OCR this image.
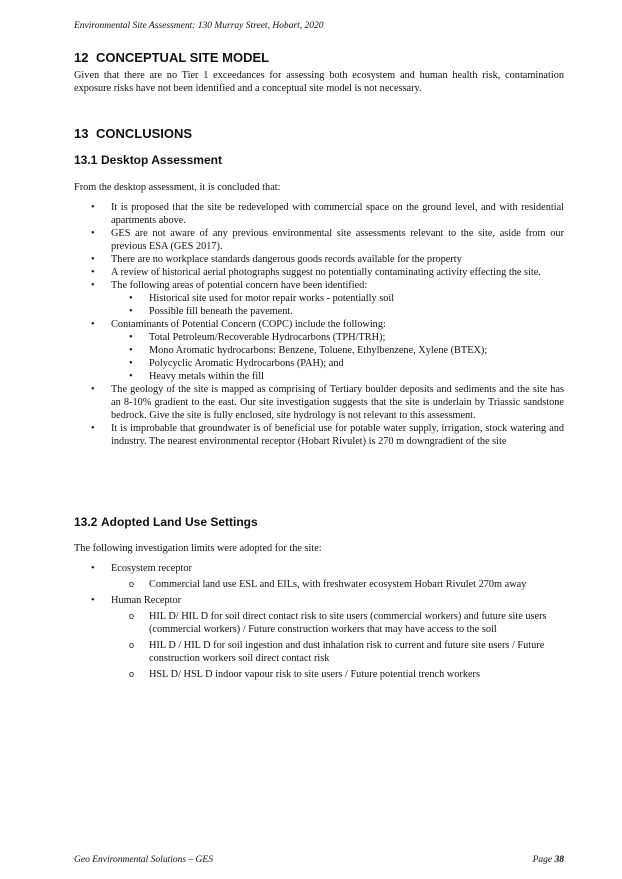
Environmental Site Assessment: 130 Murray Street, Hobart, 2020
12 CONCEPTUAL SITE MODEL
Given that there are no Tier 1 exceedances for assessing both ecosystem and human health risk, contamination exposure risks have not been identified and a conceptual site model is not necessary.
13 CONCLUSIONS
13.1 Desktop Assessment
From the desktop assessment, it is concluded that:
• It is proposed that the site be redeveloped with commercial space on the ground level, and with residential apartments above.
• GES are not aware of any previous environmental site assessments relevant to the site, aside from our previous ESA (GES 2017).
• There are no workplace standards dangerous goods records available for the property
• A review of historical aerial photographs suggest no potentially contaminating activity effecting the site.
• The following areas of potential concern have been identified:
• Historical site used for motor repair works - potentially soil
• Possible fill beneath the pavement.
• Contaminants of Potential Concern (COPC) include the following:
• Total Petroleum/Recoverable Hydrocarbons (TPH/TRH);
• Mono Aromatic hydrocarbons: Benzene, Toluene, Ethylbenzene, Xylene (BTEX);
• Polycyclic Aromatic Hydrocarbons (PAH); and
• Heavy metals within the fill
• The geology of the site is mapped as comprising of Tertiary boulder deposits and sediments and the site has an 8-10% gradient to the east. Our site investigation suggests that the site is underlain by Triassic sandstone bedrock. Give the site is fully enclosed, site hydrology is not relevant to this assessment.
• It is improbable that groundwater is of beneficial use for potable water supply, irrigation, stock watering and industry. The nearest environmental receptor (Hobart Rivulet) is 270 m downgradient of the site
13.2 Adopted Land Use Settings
The following investigation limits were adopted for the site:
• Ecosystem receptor
o Commercial land use ESL and EILs, with freshwater ecosystem Hobart Rivulet 270m away
• Human Receptor
o HIL D/ HIL D for soil direct contact risk to site users (commercial workers) and future site users (commercial workers) / Future construction workers that may have access to the soil
o HIL D / HIL D for soil ingestion and dust inhalation risk to current and future site users / Future construction workers soil direct contact risk
o HSL D/ HSL D indoor vapour risk to site users / Future potential trench workers
Geo Environmental Solutions – GES	Page 38
